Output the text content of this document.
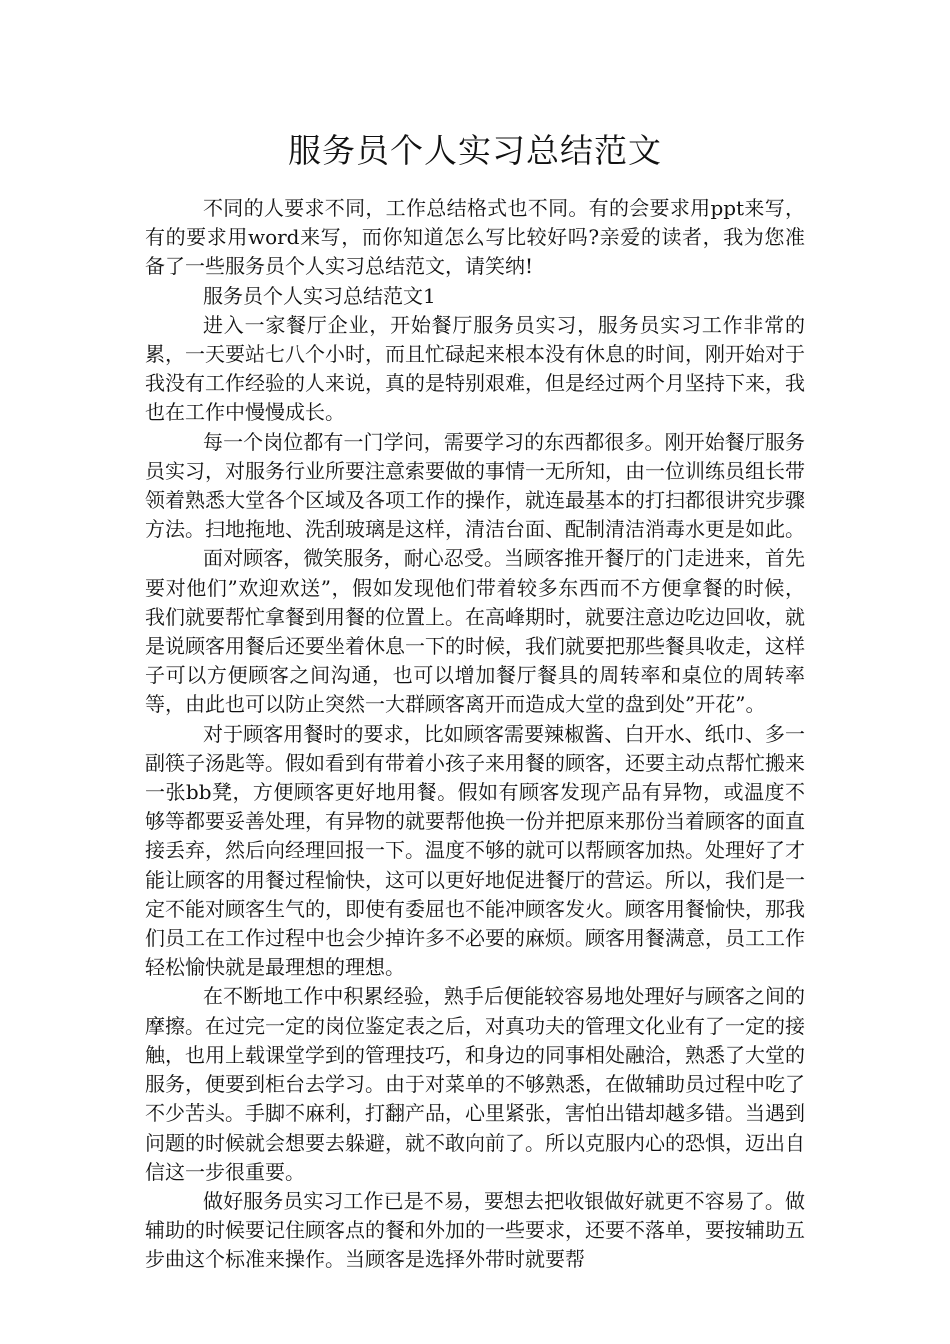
服务员个人实习总结范文

不同的人要求不同，工作总结格式也不同。有的会要求用ppt来写，有的要求用word来写，而你知道怎么写比较好吗?亲爱的读者，我为您准备了一些服务员个人实习总结范文，请笑纳!

服务员个人实习总结范文1

进入一家餐厅企业，开始餐厅服务员实习，服务员实习工作非常的累，一天要站七八个小时，而且忙碌起来根本没有休息的时间，刚开始对于我没有工作经验的人来说，真的是特别艰难，但是经过两个月坚持下来，我也在工作中慢慢成长。

每一个岗位都有一门学问，需要学习的东西都很多。刚开始餐厅服务员实习，对服务行业所要注意索要做的事情一无所知，由一位训练员组长带领着熟悉大堂各个区域及各项工作的操作，就连最基本的打扫都很讲究步骤方法。扫地拖地、洗刮玻璃是这样，清洁台面、配制清洁消毒水更是如此。

面对顾客，微笑服务，耐心忍受。当顾客推开餐厅的门走进来，首先要对他们”欢迎欢送”，假如发现他们带着较多东西而不方便拿餐的时候，我们就要帮忙拿餐到用餐的位置上。在高峰期时，就要注意边吃边回收，就是说顾客用餐后还要坐着休息一下的时候，我们就要把那些餐具收走，这样子可以方便顾客之间沟通，也可以增加餐厅餐具的周转率和桌位的周转率等，由此也可以防止突然一大群顾客离开而造成大堂的盘到处”开花”。

对于顾客用餐时的要求，比如顾客需要辣椒酱、白开水、纸巾、多一副筷子汤匙等。假如看到有带着小孩子来用餐的顾客，还要主动点帮忙搬来一张bb凳，方便顾客更好地用餐。假如有顾客发现产品有异物，或温度不够等都要妥善处理，有异物的就要帮他换一份并把原来那份当着顾客的面直接丢弃，然后向经理回报一下。温度不够的就可以帮顾客加热。处理好了才能让顾客的用餐过程愉快，这可以更好地促进餐厅的营运。所以，我们是一定不能对顾客生气的，即使有委屈也不能冲顾客发火。顾客用餐愉快，那我们员工在工作过程中也会少掉许多不必要的麻烦。顾客用餐满意，员工工作轻松愉快就是最理想的理想。

在不断地工作中积累经验，熟手后便能较容易地处理好与顾客之间的摩擦。在过完一定的岗位鉴定表之后，对真功夫的管理文化业有了一定的接触，也用上载课堂学到的管理技巧，和身边的同事相处融洽，熟悉了大堂的服务，便要到柜台去学习。由于对菜单的不够熟悉，在做辅助员过程中吃了不少苦头。手脚不麻利，打翻产品，心里紧张，害怕出错却越多错。当遇到问题的时候就会想要去躲避，就不敢向前了。所以克服内心的恐惧，迈出自信这一步很重要。

做好服务员实习工作已是不易，要想去把收银做好就更不容易了。做辅助的时候要记住顾客点的餐和外加的一些要求，还要不落单，要按辅助五步曲这个标准来操作。当顾客是选择外带时就要帮
